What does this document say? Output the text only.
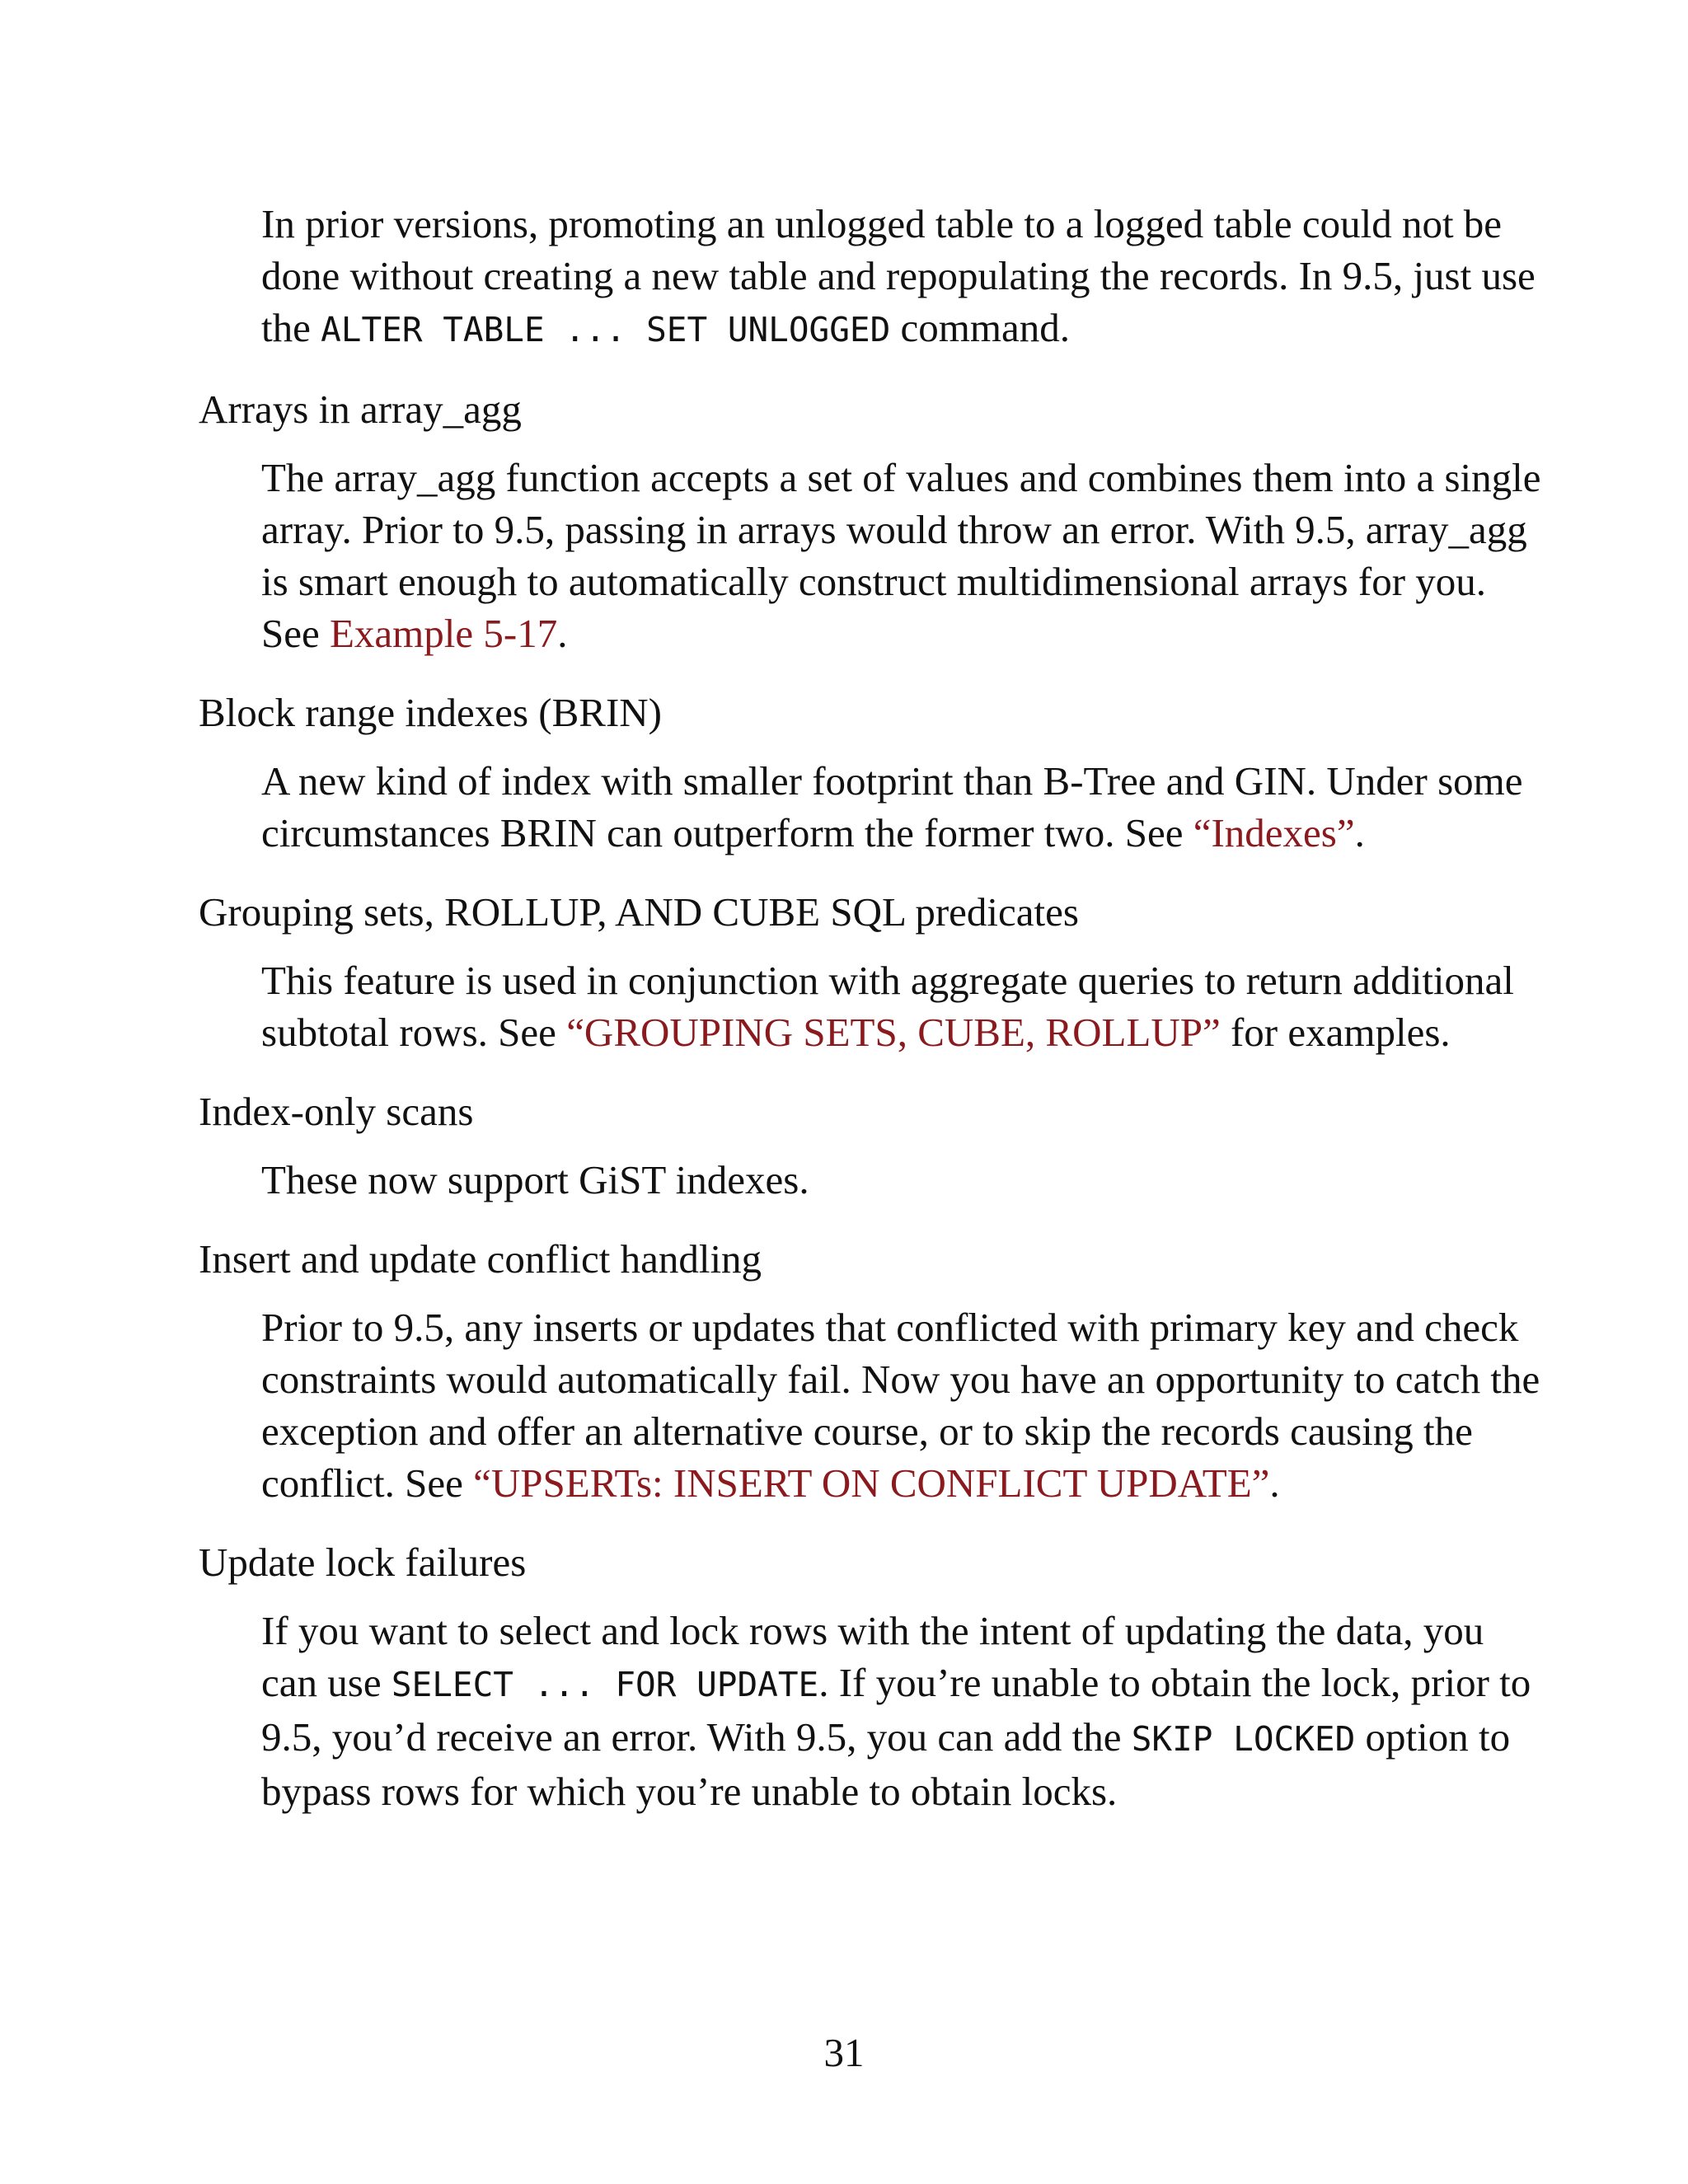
In prior versions, promoting an unlogged table to a logged table could not be done without creating a new table and repopulating the records. In 9.5, just use the ALTER TABLE ... SET UNLOGGED command.

Arrays in array_agg

The array_agg function accepts a set of values and combines them into a single array. Prior to 9.5, passing in arrays would throw an error. With 9.5, array_agg is smart enough to automatically construct multidimensional arrays for you. See Example 5-17.

Block range indexes (BRIN)

A new kind of index with smaller footprint than B-Tree and GIN. Under some circumstances BRIN can outperform the former two. See “Indexes”.

Grouping sets, ROLLUP, AND CUBE SQL predicates

This feature is used in conjunction with aggregate queries to return additional subtotal rows. See “GROUPING SETS, CUBE, ROLLUP” for examples.

Index-only scans

These now support GiST indexes.

Insert and update conflict handling

Prior to 9.5, any inserts or updates that conflicted with primary key and check constraints would automatically fail. Now you have an opportunity to catch the exception and offer an alternative course, or to skip the records causing the conflict. See “UPSERTs: INSERT ON CONFLICT UPDATE”.

Update lock failures

If you want to select and lock rows with the intent of updating the data, you can use SELECT ... FOR UPDATE. If you’re unable to obtain the lock, prior to 9.5, you’d receive an error. With 9.5, you can add the SKIP LOCKED option to bypass rows for which you’re unable to obtain locks.

31
